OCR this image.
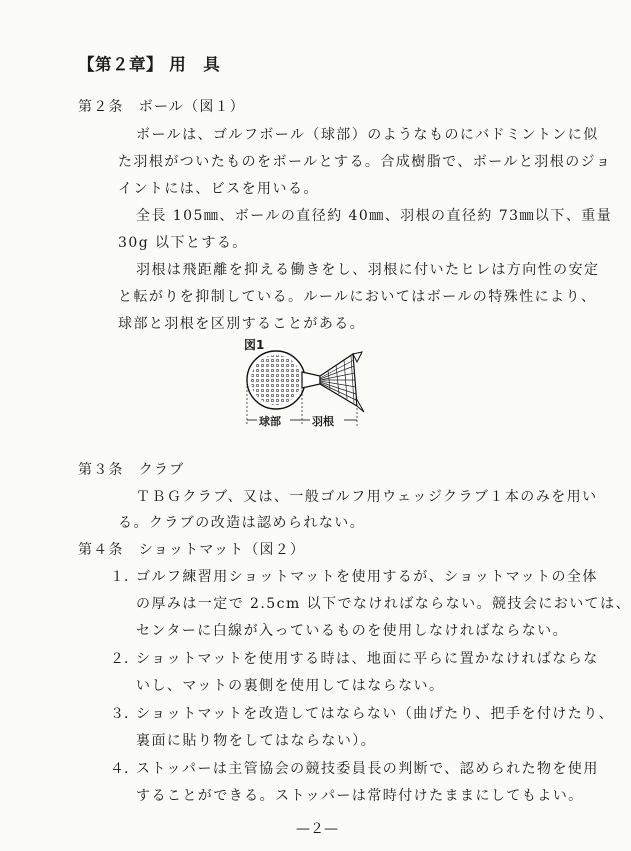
【第２章】 用　具
第２条　ボール（図１）
ボールは、ゴルフボール（球部）のようなものにバドミントンに似
た羽根がついたものをボールとする。合成樹脂で、ボールと羽根のジョ
イントには、ビスを用いる。
全長 105㎜、ボールの直径約 40㎜、羽根の直径約 73㎜以下、重量
30g 以下とする。
羽根は飛距離を抑える働きをし、羽根に付いたヒレは方向性の安定
と転がりを抑制している。ルールにおいてはボールの特殊性により、
球部と羽根を区別することがある。
図1
球部	羽根
第３条　クラブ
ＴＢＧクラブ、又は、一般ゴルフ用ウェッジクラブ１本のみを用い
る。クラブの改造は認められない。
第４条　ショットマット（図２）
１．
ゴルフ練習用ショットマットを使用するが、ショットマットの全体
の厚みは一定で 2.5cm 以下でなければならない。競技会においては、
センターに白線が入っているものを使用しなければならない。
２．
ショットマットを使用する時は、地面に平らに置かなければならな
いし、マットの裏側を使用してはならない。
３．
ショットマットを改造してはならない（曲げたり、把手を付けたり、
裏面に貼り物をしてはならない）。
４．
ストッパーは主管協会の競技委員長の判断で、認められた物を使用
することができる。ストッパーは常時付けたままにしてもよい。
—２—
